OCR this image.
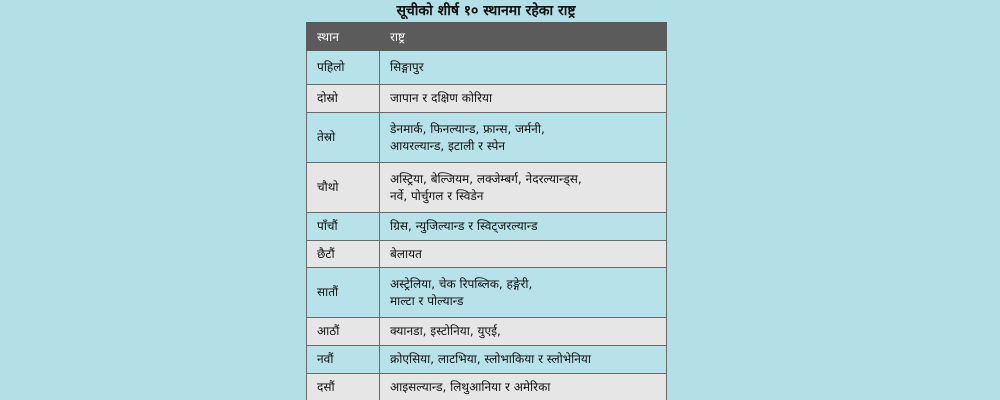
सूचीको शीर्ष १० स्थानमा रहेका राष्ट्र
स्थान	राष्ट्र
पहिलो	सिङ्गापुर

दोस्रो	जापान र दक्षिण कोरिया

तेस्रो	डेनमार्क, फिनल्यान्ड, फ्रान्स, जर्मनी,
आयरल्यान्ड, इटाली र स्पेन

चौथो	अस्ट्रिया, बेल्जियम, लक्जेम्बर्ग, नेदरल्यान्ड्स,
नर्वे, पोर्चुगल र स्विडेन

पाँचौं	ग्रिस, न्युजिल्यान्ड र स्विट्जरल्यान्ड

छैटौं	बेलायत

सातौं	अस्ट्रेलिया, चेक रिपब्लिक, हङ्गेरी,
माल्टा र पोल्यान्ड

आठौं	क्यानडा, इस्टोनिया, युएई,

नवौं	क्रोएसिया, लाटभिया, स्लोभाकिया र स्लोभेनिया

दसौं	आइसल्यान्ड, लिथुआनिया र अमेरिका
